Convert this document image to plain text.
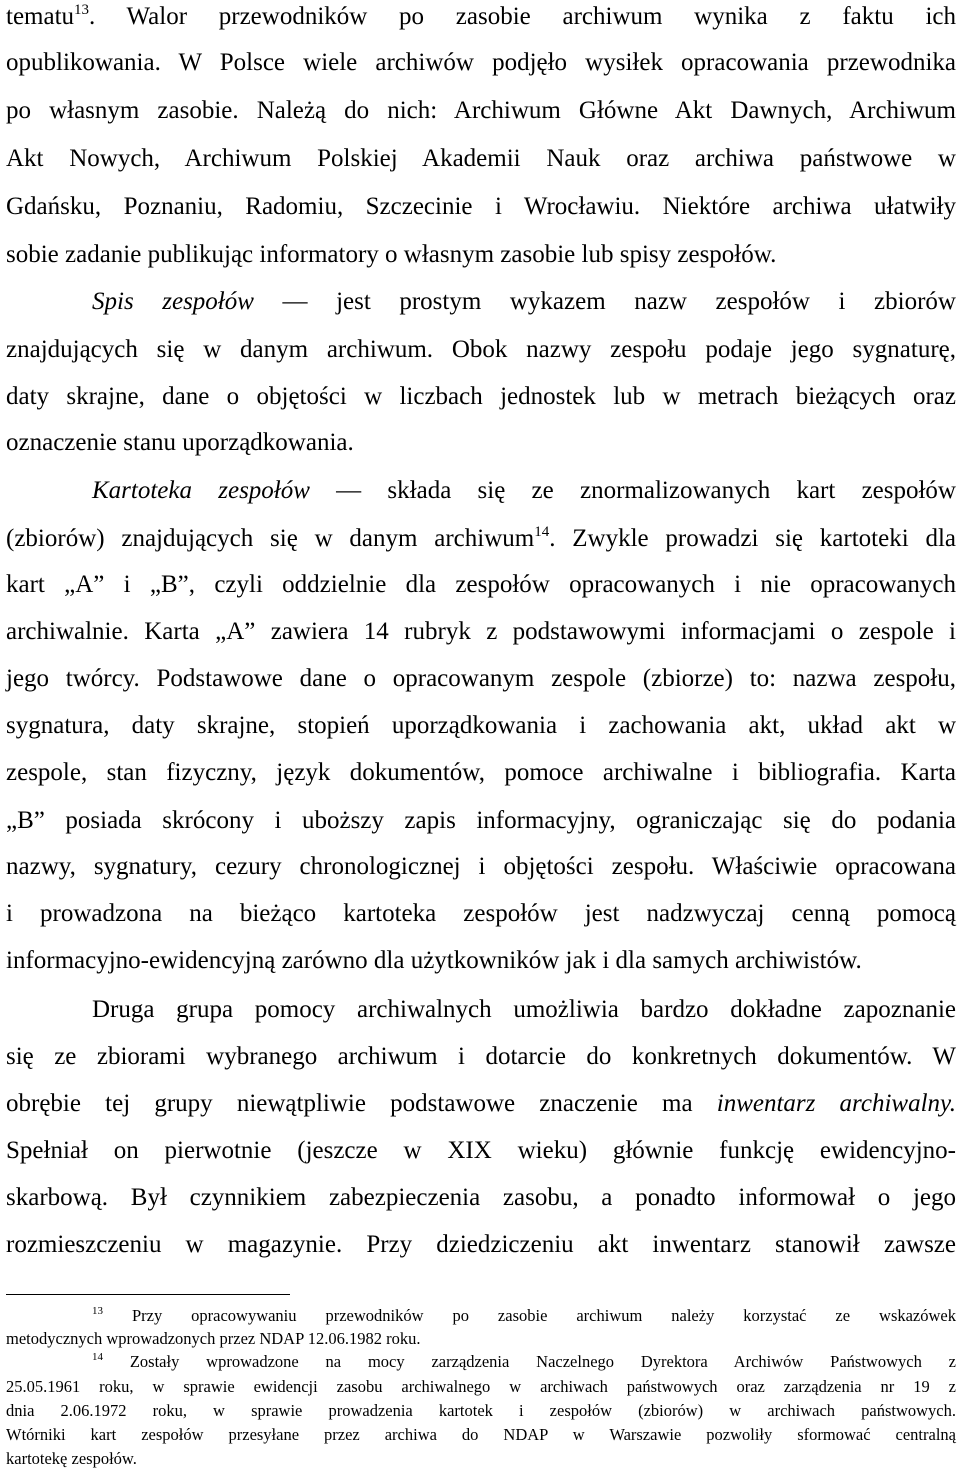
tematu$^{13}$. Walor przewodników po zasobie archiwum wynika z faktu ich
opublikowania. W Polsce wiele archiwów podjęło wysiłek opracowania przewodnika
po własnym zasobie. Należą do nich: Archiwum Główne Akt Dawnych, Archiwum
Akt Nowych, Archiwum Polskiej Akademii Nauk oraz archiwa państwowe w
Gdańsku, Poznaniu, Radomiu, Szczecinie i Wrocławiu. Niektóre archiwa ułatwiły
sobie zadanie publikując informatory o własnym zasobie lub spisy zespołów.
Spis zespołów — jest prostym wykazem nazw zespołów i zbiorów
znajdujących się w danym archiwum. Obok nazwy zespołu podaje jego sygnaturę,
daty skrajne, dane o objętości w liczbach jednostek lub w metrach bieżących oraz
oznaczenie stanu uporządkowania.
Kartoteka zespołów — składa się ze znormalizowanych kart zespołów
(zbiorów) znajdujących się w danym archiwum$^{14}$. Zwykle prowadzi się kartoteki dla
kart „A” i „B”, czyli oddzielnie dla zespołów opracowanych i nie opracowanych
archiwalnie. Karta „A” zawiera 14 rubryk z podstawowymi informacjami o zespole i
jego twórcy. Podstawowe dane o opracowanym zespole (zbiorze) to: nazwa zespołu,
sygnatura, daty skrajne, stopień uporządkowania i zachowania akt, układ akt w
zespole, stan fizyczny, język dokumentów, pomoce archiwalne i bibliografia. Karta
„B” posiada skrócony i uboższy zapis informacyjny, ograniczając się do podania
nazwy, sygnatury, cezury chronologicznej i objętości zespołu. Właściwie opracowana
i prowadzona na bieżąco kartoteka zespołów jest nadzwyczaj cenną pomocą
informacyjno-ewidencyjną zarówno dla użytkowników jak i dla samych archiwistów.
Druga grupa pomocy archiwalnych umożliwia bardzo dokładne zapoznanie
się ze zbiorami wybranego archiwum i dotarcie do konkretnych dokumentów. W
obrębie tej grupy niewątpliwie podstawowe znaczenie ma inwentarz archiwalny.
Spełniał on pierwotnie (jeszcze w XIX wieku) głównie funkcję ewidencyjno-
skarbową. Był czynnikiem zabezpieczenia zasobu, a ponadto informował o jego
rozmieszczeniu w magazynie. Przy dziedziczeniu akt inwentarz stanowił zawsze
$^{13}$ Przy opracowywaniu przewodników po zasobie archiwum należy korzystać ze wskazówek
metodycznych wprowadzonych przez NDAP 12.06.1982 roku.
$^{14}$ Zostały wprowadzone na mocy zarządzenia Naczelnego Dyrektora Archiwów Państwowych z
25.05.1961 roku, w sprawie ewidencji zasobu archiwalnego w archiwach państwowych oraz zarządzenia nr 19 z
dnia 2.06.1972 roku, w sprawie prowadzenia kartotek i zespołów (zbiorów) w archiwach państwowych.
Wtórniki kart zespołów przesyłane przez archiwa do NDAP w Warszawie pozwoliły sformować centralną
kartotekę zespołów.
